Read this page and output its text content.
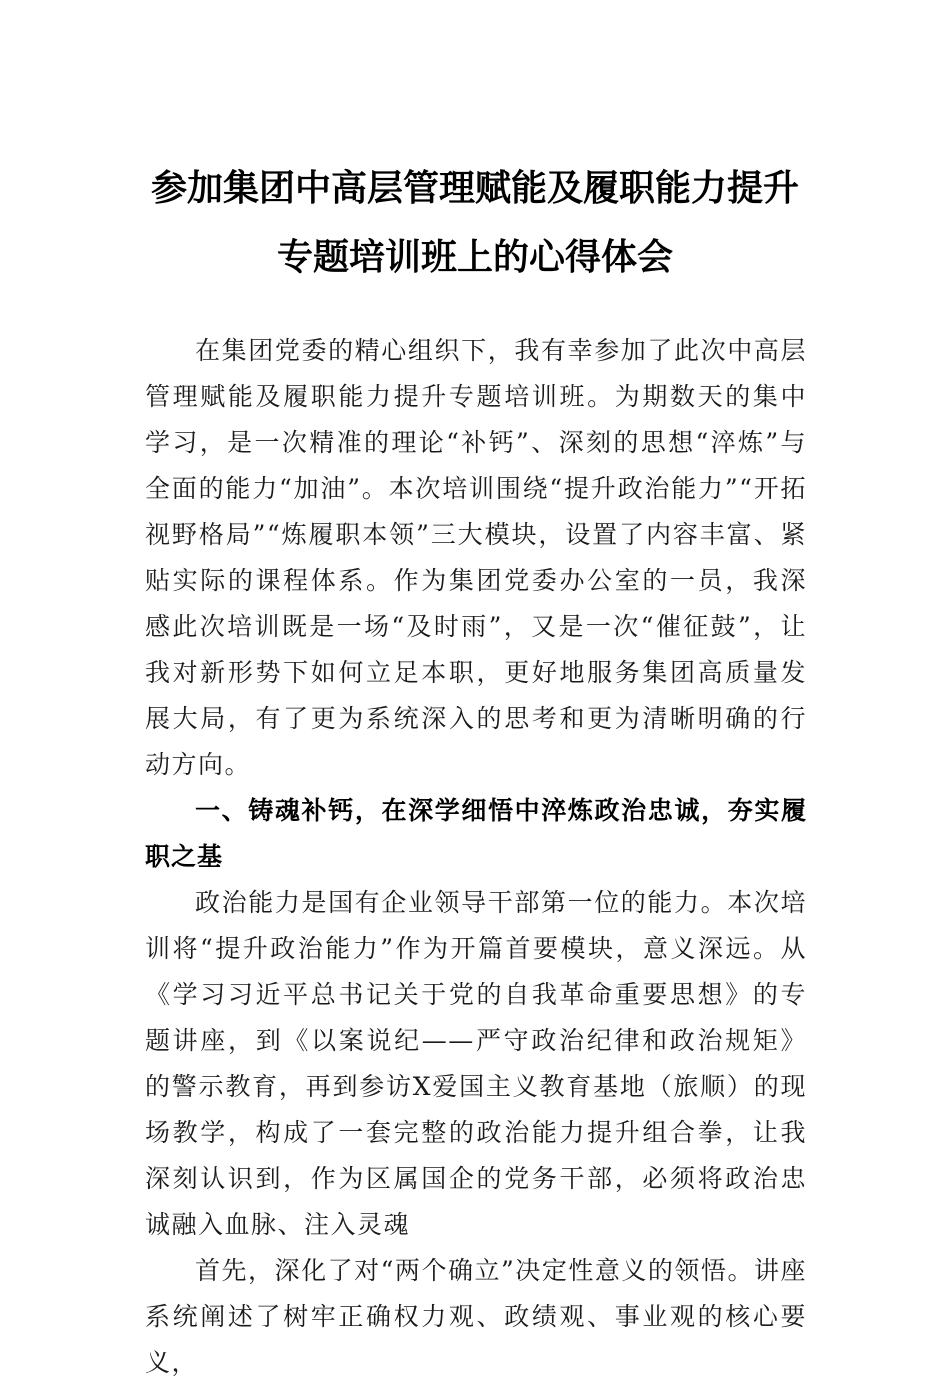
参加集团中高层管理赋能及履职能力提升
专题培训班上的心得体会

在集团党委的精心组织下，我有幸参加了此次中高层管理赋能及履职能力提升专题培训班。为期数天的集中学习，是一次精准的理论“补钙”、深刻的思想“淬炼”与全面的能力“加油”。本次培训围绕“提升政治能力”“开拓视野格局”“炼履职本领”三大模块，设置了内容丰富、紧贴实际的课程体系。作为集团党委办公室的一员，我深感此次培训既是一场“及时雨”，又是一次“催征鼓”，让我对新形势下如何立足本职，更好地服务集团高质量发展大局，有了更为系统深入的思考和更为清晰明确的行动方向。

一、铸魂补钙，在深学细悟中淬炼政治忠诚，夯实履职之基

政治能力是国有企业领导干部第一位的能力。本次培训将“提升政治能力”作为开篇首要模块，意义深远。从《学习习近平总书记关于党的自我革命重要思想》的专题讲座，到《以案说纪——严守政治纪律和政治规矩》的警示教育，再到参访X爱国主义教育基地（旅顺）的现场教学，构成了一套完整的政治能力提升组合拳，让我深刻认识到，作为区属国企的党务干部，必须将政治忠诚融入血脉、注入灵魂

首先，深化了对“两个确立”决定性意义的领悟。讲座系统阐述了树牢正确权力观、政绩观、事业观的核心要义，
